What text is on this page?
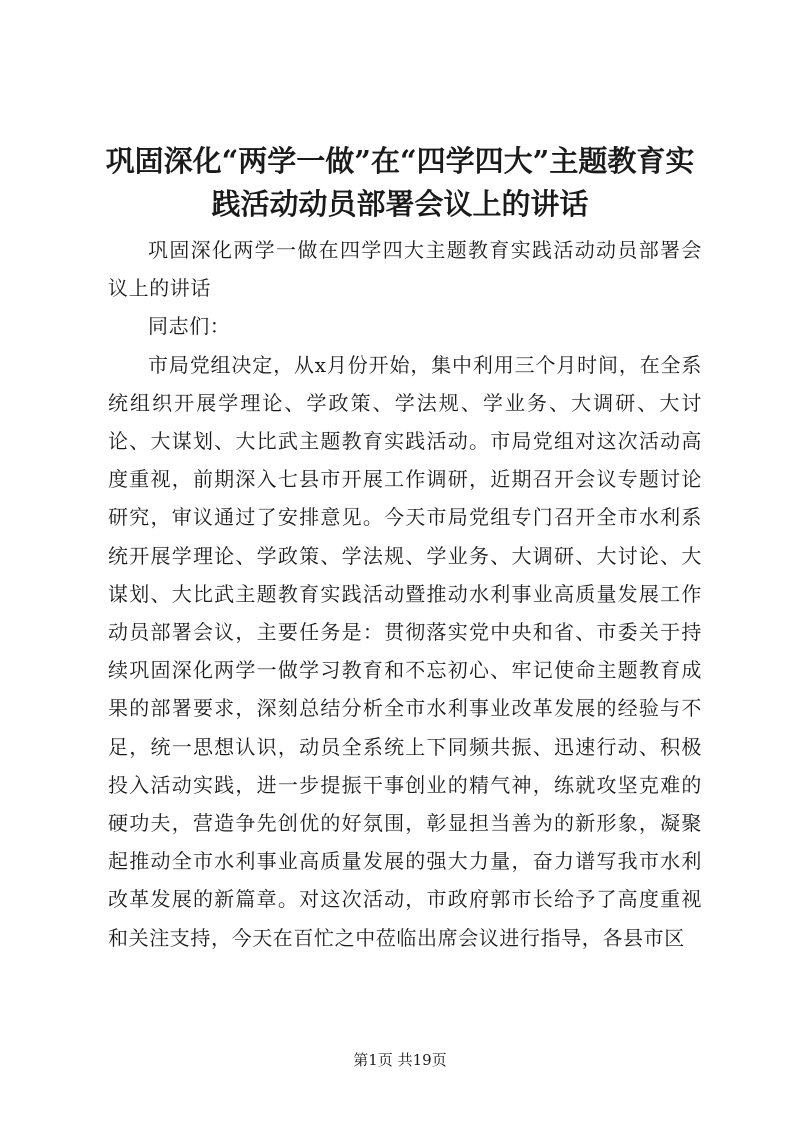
巩固深化“两学一做”在“四学四大”主题教育实践活动动员部署会议上的讲话

巩固深化两学一做在四学四大主题教育实践活动动员部署会议上的讲话

同志们：

市局党组决定，从x月份开始，集中利用三个月时间，在全系统组织开展学理论、学政策、学法规、学业务、大调研、大讨论、大谋划、大比武主题教育实践活动。市局党组对这次活动高度重视，前期深入七县市开展工作调研，近期召开会议专题讨论研究，审议通过了安排意见。今天市局党组专门召开全市水利系统开展学理论、学政策、学法规、学业务、大调研、大讨论、大谋划、大比武主题教育实践活动暨推动水利事业高质量发展工作动员部署会议，主要任务是：贯彻落实党中央和省、市委关于持续巩固深化两学一做学习教育和不忘初心、牢记使命主题教育成果的部署要求，深刻总结分析全市水利事业改革发展的经验与不足，统一思想认识，动员全系统上下同频共振、迅速行动、积极投入活动实践，进一步提振干事创业的精气神，练就攻坚克难的硬功夫，营造争先创优的好氛围，彰显担当善为的新形象，凝聚起推动全市水利事业高质量发展的强大力量，奋力谱写我市水利改革发展的新篇章。对这次活动，市政府郭市长给予了高度重视和关注支持，今天在百忙之中莅临出席会议进行指导，各县市区

第1页 共19页
